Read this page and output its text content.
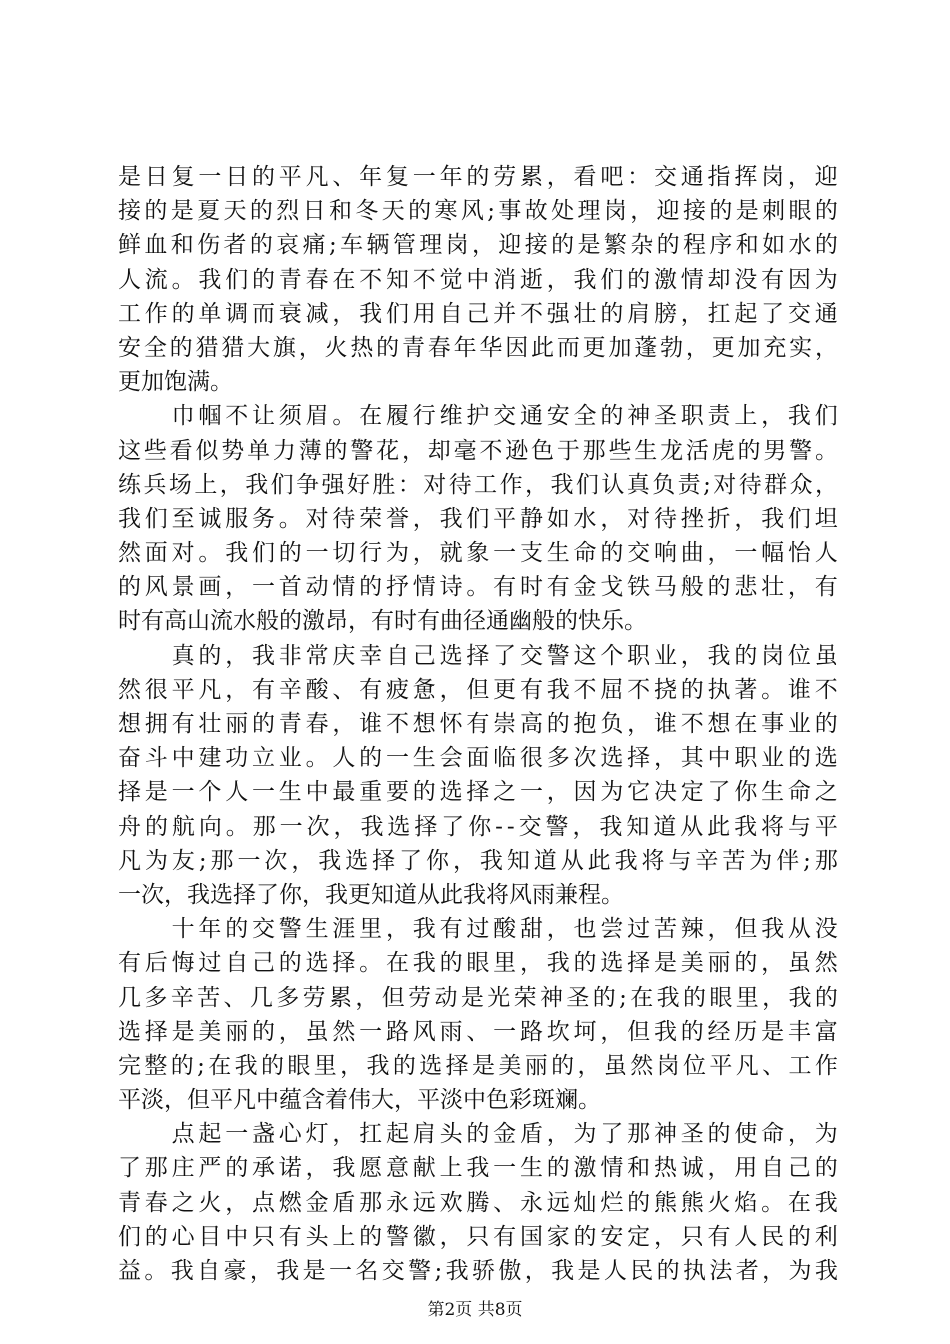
是 日 复 一 日 的 平 凡 、 年 复 一 年 的 劳 累 ， 看 吧 ： 交 通 指 挥 岗 ， 迎
接 的 是 夏 天 的 烈 日 和 冬 天 的 寒 风 ; 事 故 处 理 岗 ， 迎 接 的 是 刺 眼 的
鲜 血 和 伤 者 的 哀 痛 ; 车 辆 管 理 岗 ， 迎 接 的 是 繁 杂 的 程 序 和 如 水 的
人 流 。 我 们 的 青 春 在 不 知 不 觉 中 消 逝 ， 我 们 的 激 情 却 没 有 因 为
工 作 的 单 调 而 衰 减 ， 我 们 用 自 己 并 不 强 壮 的 肩 膀 ， 扛 起 了 交 通
安 全 的 猎 猎 大 旗 ， 火 热 的 青 春 年 华 因 此 而 更 加 蓬 勃 ， 更 加 充 实 ，
更加饱满。

巾 帼 不 让 须 眉 。 在 履 行 维 护 交 通 安 全 的 神 圣 职 责 上 ， 我 们
这 些 看 似 势 单 力 薄 的 警 花 ， 却 毫 不 逊 色 于 那 些 生 龙 活 虎 的 男 警 。
练 兵 场 上 ， 我 们 争 强 好 胜 ： 对 待 工 作 ， 我 们 认 真 负 责 ; 对 待 群 众 ，
我 们 至 诚 服 务 。 对 待 荣 誉 ， 我 们 平 静 如 水 ， 对 待 挫 折 ， 我 们 坦
然 面 对 。 我 们 的 一 切 行 为 ， 就 象 一 支 生 命 的 交 响 曲 ， 一 幅 怡 人
的 风 景 画 ， 一 首 动 情 的 抒 情 诗 。 有 时 有 金 戈 铁 马 般 的 悲 壮 ， 有
时有高山流水般的激昂，有时有曲径通幽般的快乐。

真 的 ， 我 非 常 庆 幸 自 己 选 择 了 交 警 这 个 职 业 ， 我 的 岗 位 虽
然 很 平 凡 ， 有 辛 酸 、 有 疲 惫 ， 但 更 有 我 不 屈 不 挠 的 执 著 。 谁 不
想 拥 有 壮 丽 的 青 春 ， 谁 不 想 怀 有 崇 高 的 抱 负 ， 谁 不 想 在 事 业 的
奋 斗 中 建 功 立 业 。 人 的 一 生 会 面 临 很 多 次 选 择 ， 其 中 职 业 的 选
择 是 一 个 人 一 生 中 最 重 要 的 选 择 之 一 ， 因 为 它 决 定 了 你 生 命 之
舟 的 航 向 。 那 一 次 ， 我 选 择 了 你 - - 交 警 ， 我 知 道 从 此 我 将 与 平
凡 为 友 ; 那 一 次 ， 我 选 择 了 你 ， 我 知 道 从 此 我 将 与 辛 苦 为 伴 ; 那
一次，我选择了你，我更知道从此我将风雨兼程。

十 年 的 交 警 生 涯 里 ， 我 有 过 酸 甜 ， 也 尝 过 苦 辣 ， 但 我 从 没
有 后 悔 过 自 己 的 选 择 。 在 我 的 眼 里 ， 我 的 选 择 是 美 丽 的 ， 虽 然
几 多 辛 苦 、 几 多 劳 累 ， 但 劳 动 是 光 荣 神 圣 的 ; 在 我 的 眼 里 ， 我 的
选 择 是 美 丽 的 ， 虽 然 一 路 风 雨 、 一 路 坎 坷 ， 但 我 的 经 历 是 丰 富
完 整 的 ; 在 我 的 眼 里 ， 我 的 选 择 是 美 丽 的 ， 虽 然 岗 位 平 凡 、 工 作
平淡，但平凡中蕴含着伟大，平淡中色彩斑斓。

点 起 一 盏 心 灯 ， 扛 起 肩 头 的 金 盾 ， 为 了 那 神 圣 的 使 命 ， 为
了 那 庄 严 的 承 诺 ， 我 愿 意 献 上 我 一 生 的 激 情 和 热 诚 ， 用 自 己 的
青 春 之 火 ， 点 燃 金 盾 那 永 远 欢 腾 、 永 远 灿 烂 的 熊 熊 火 焰 。 在 我
们 的 心 目 中 只 有 头 上 的 警 徽 ， 只 有 国 家 的 安 定 ， 只 有 人 民 的 利
益 。 我 自 豪 ， 我 是 一 名 交 警 ; 我 骄 傲 ， 我 是 人 民 的 执 法 者 ， 为 我
第2页 共8页
